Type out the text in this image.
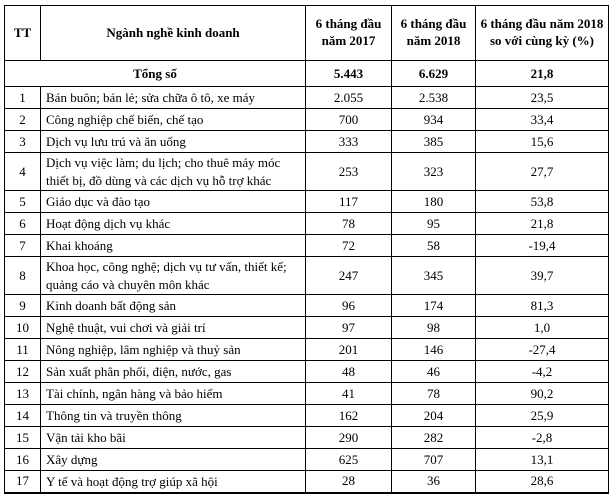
TT	Ngành nghề kinh doanh	6 tháng đầu năm 2017	6 tháng đầu năm 2018	6 tháng đầu năm 2018 so với cùng kỳ (%)
Tổng số		5.443	6.629	21,8
1	Bán buôn; bán lẻ; sửa chữa ô tô, xe máy	2.055	2.538	23,5
2	Công nghiệp chế biến, chế tạo	700	934	33,4
3	Dịch vụ lưu trú và ăn uống	333	385	15,6
4	Dịch vụ việc làm; du lịch; cho thuê máy móc thiết bị, đồ dùng và các dịch vụ hỗ trợ khác	253	323	27,7
5	Giáo dục và đào tạo	117	180	53,8
6	Hoạt động dịch vụ khác	78	95	21,8
7	Khai khoáng	72	58	-19,4
8	Khoa học, công nghệ; dịch vụ tư vấn, thiết kế; quảng cáo và chuyên môn khác	247	345	39,7
9	Kinh doanh bất động sản	96	174	81,3
10	Nghệ thuật, vui chơi và giải trí	97	98	1,0
11	Nông nghiệp, lâm nghiệp và thuỷ sản	201	146	-27,4
12	Sản xuất phân phối, điện, nước, gas	48	46	-4,2
13	Tài chính, ngân hàng và bảo hiểm	41	78	90,2
14	Thông tin và truyền thông	162	204	25,9
15	Vận tải kho bãi	290	282	-2,8
16	Xây dựng	625	707	13,1
17	Y tế và hoạt động trợ giúp xã hội	28	36	28,6
